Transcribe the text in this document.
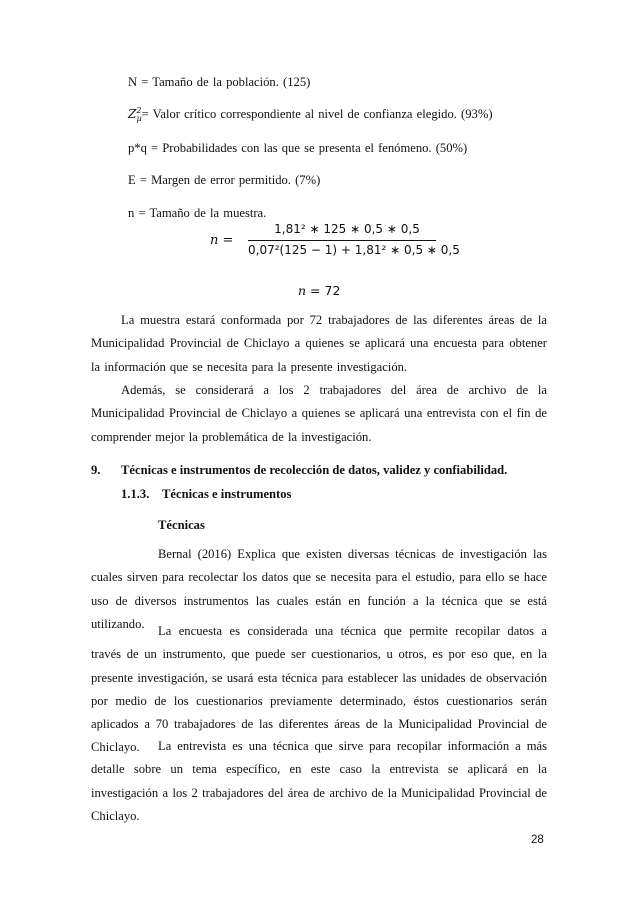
N = Tamaño de la población. (125)
$Z^2_\mu=$ Valor crítico correspondiente al nivel de confianza elegido. (93%)
p*q = Probabilidades con las que se presenta el fenómeno. (50%)
E = Margen de error permitido. (7%)
n = Tamaño de la muestra.
n =
1,81² ∗ 125 ∗ 0,5 ∗ 0,5
0,07²(125 − 1) + 1,81² ∗ 0,5 ∗ 0,5
n = 72
La muestra estará conformada por 72 trabajadores de las diferentes áreas de la Municipalidad Provincial de Chiclayo a quienes se aplicará una encuesta para obtener la información que se necesita para la presente investigación.
Además, se considerará a los 2 trabajadores del área de archivo de la Municipalidad Provincial de Chiclayo a quienes se aplicará una entrevista con el fin de comprender mejor la problemática de la investigación.
9. Técnicas e instrumentos de recolección de datos, validez y confiabilidad.
1.1.3. Técnicas e instrumentos
Técnicas
Bernal (2016) Explica que existen diversas técnicas de investigación las cuales sirven para recolectar los datos que se necesita para el estudio, para ello se hace uso de diversos instrumentos las cuales están en función a la técnica que se está utilizando.
La encuesta es considerada una técnica que permite recopilar datos a través de un instrumento, que puede ser cuestionarios, u otros, es por eso que, en la presente investigación, se usará esta técnica para establecer las unidades de observación por medio de los cuestionarios previamente determinado, éstos cuestionarios serán aplicados a 70 trabajadores de las diferentes áreas de la Municipalidad Provincial de Chiclayo.	La entrevista es una técnica que sirve para recopilar información a más detalle sobre un tema específico, en este caso la entrevista se aplicará en la investigación a los 2 trabajadores del área de archivo de la Municipalidad Provincial de Chiclayo.
28
